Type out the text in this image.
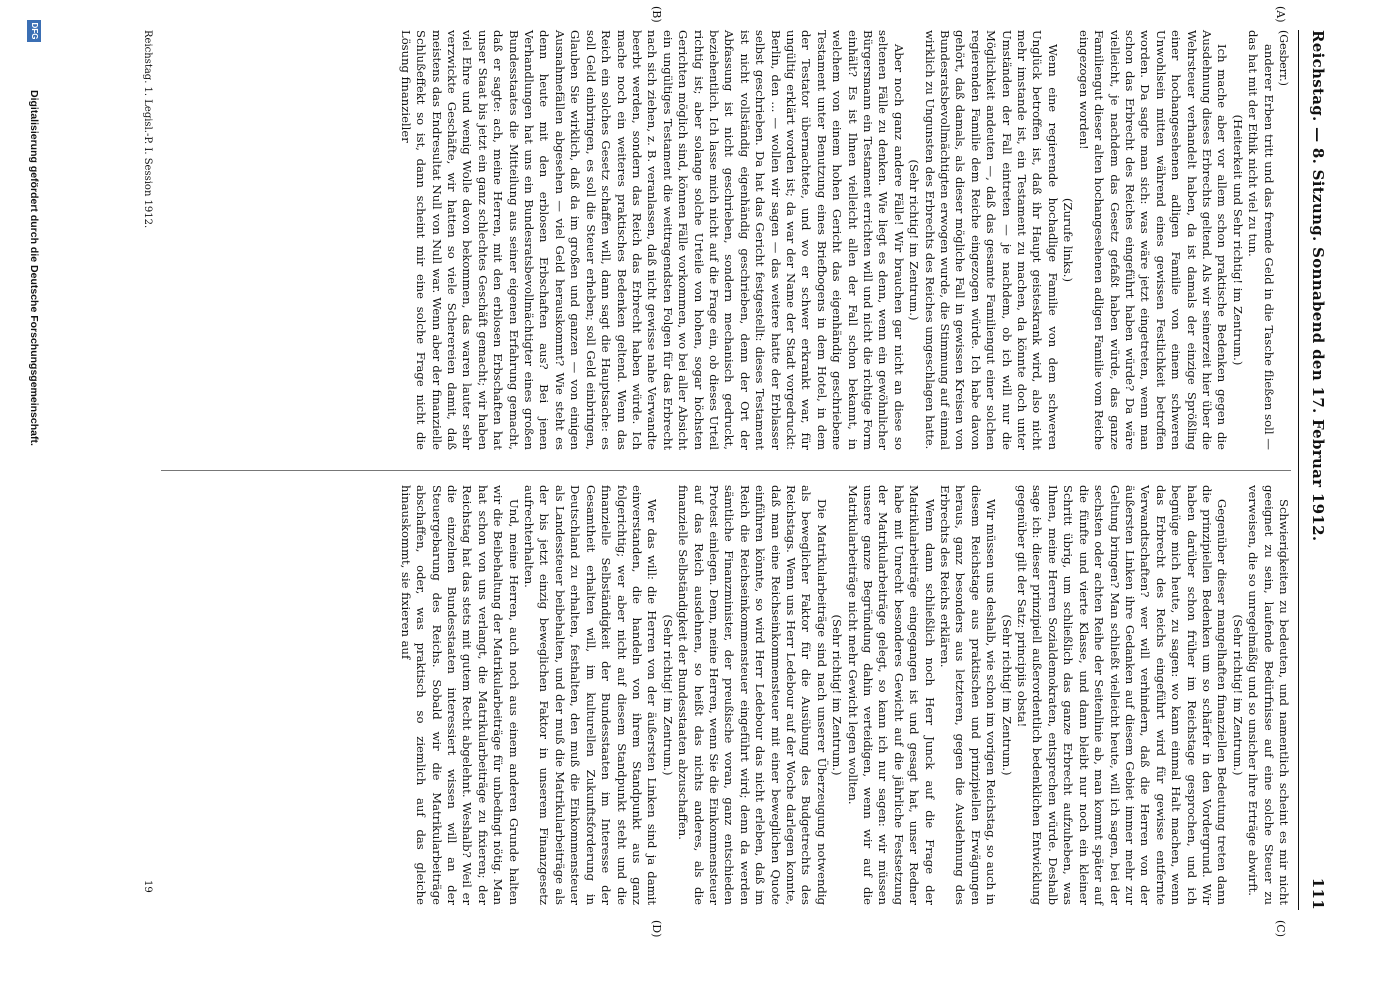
Reichstag. — 8. Sitzung. Sonnabend den 17. Februar 1912.
111
(A)
(B)
(C)
(D)

(Gesberr.)

anderer Erben tritt und das fremde Geld in die Tasche fließen soll — das hat mit der Ethik nicht viel zu tun.

(Heiterkeit und Sehr richtig! im Zentrum.)

Ich mache aber vor allem schon praktische Bedenken gegen die Ausdehnung dieses Erbrechts geltend. Als wir seinerzeit hier über die Wehrsteuer verhandelt haben, da ist damals der einzige Sprößling einer hochangesehenen adligen Familie von einem schweren Unwohlsein mitten während eines gewissen Festlichkeit betroffen worden. Da sagte man sich: was wäre jetzt eingetreten, wenn man schon das Erbrecht des Reiches eingeführt haben würde? Da wäre vielleicht, je nachdem das Gesetz gefaßt haben würde, das ganze Familiengut dieser alten hochangesehenen adligen Familie vom Reiche eingezogen worden!

(Zurufe links.)

Wenn eine regierende hochadlige Familie von dem schweren Unglück betroffen ist, daß ihr Haupt geisteskrank wird, also nicht mehr imstande ist, ein Testament zu machen, da könnte doch unter Umständen der Fall eintreten — je nachdem, ob ich will nur die Möglichkeit andeuten —, daß das gesamte Familiengut einer solchen regierenden Familie dem Reiche eingezogen würde. Ich habe davon gehört, daß damals, als dieser mögliche Fall in gewissen Kreisen von Bundesratsbevollmächtigten erwogen wurde, die Stimmung auf einmal wirklich zu Ungunsten des Erbrechts des Reiches umgeschlagen hatte.

(Sehr richtig! im Zentrum.)

Aber noch ganz andere Fälle! Wir brauchen gar nicht an diese so seltenen Fälle zu denken. Wie liegt es denn, wenn ein gewöhnlicher Bürgersmann ein Testament errichten will und nicht die richtige Form einhält? Es ist Ihnen vielleicht allen der Fall schon bekannt, in welchem von einem hohen Gericht das eigenhändig geschriebene Testament unter Benutzung eines Briefbogens in dem Hotel, in dem der Testator übernachtete, und wo er schwer erkrankt war, für ungültig erklärt worden ist; da war der Name der Stadt vorgedruckt: Berlin, den ... — wollen wir sagen — das weitere hatte der Erblasser selbst geschrieben. Da hat das Gericht festgestellt: dieses Testament ist nicht vollständig eigenhändig geschrieben, denn der Ort der Abfassung ist nicht geschrieben, sondern mechanisch gedruckt, beziehentlich. Ich lasse mich nicht auf die Frage ein, ob dieses Urteil richtig ist; aber solange solche Urteile von hohen, sogar höchsten Gerichten möglich sind, können Fälle vorkommen, wo bei aller Absicht ein ungültiges Testament die weittragendsten Folgen für das Erbrecht nach sich ziehen, z. B. veranlassen, daß nicht gewisse nahe Verwandte beerbt werden, sondern das Reich das Erbrecht haben würde. Ich mache noch ein weiteres praktisches Bedenken geltend. Wenn das Reich ein solches Gesetz schaffen will, dann sagt die Hauptsache: es soll Geld einbringen, es soll die Steuer erheben; soll Geld einbringen, Glauben Sie wirklich, daß da im großen und ganzen — von einigen Ausnahmefällen abgesehen — viel Geld herauskommt? Wie steht es denn heute mit den erblosen Erbschaften aus? Bei jenen Verhandlungen hat uns ein Bundesratsbevollmächtigter eines großen Bundesstaates die Mitteilung aus seiner eigenen Erfahrung gemacht, daß er sagte: ach, meine Herren, mit den erblosen Erbschaften hat unser Staat bis jetzt ein ganz schlechtes Geschäft gemacht; wir haben viel Ehre und wenig Wolle davon bekommen, das waren lauter sehr verzwickte Geschäfte, wir hatten so viele Scherereien damit, daß meistens das Endresultat Null von Null war. Wenn aber der finanzielle Schlußeffekt so ist, dann scheint mir eine solche Frage nicht die Lösung finanzieller

Schwierigkeiten zu bedeuten, und namentlich scheint es mir nicht geeignet zu sein, laufende Bedürfnisse auf eine solche Steuer zu verweisen, die so unregelmäßig und so unsicher ihre Erträge abwirft.

(Sehr richtig! im Zentrum.)

Gegenüber dieser mangelhaften finanziellen Bedeutung treten dann die prinzipiellen Bedenken um so schärfer in den Vordergrund. Wir haben darüber schon früher im Reichstage gesprochen, und ich begnüge mich heute, zu sagen: wo kann einmal Halt machen, wenn das Erbrecht des Reichs eingeführt wird für gewisse entfernte Verwandtschaften? wer will verhindern, daß die Herren von der äußersten Linken ihre Gedanken auf diesem Gebiet immer mehr zur Geltung bringen? Man schließt vielleicht heute, will ich sagen, bei der sechsten oder achten Reihe der Seitenlinie ab, man kommt später auf die fünfte und vierte Klasse, und dann bleibt nur noch ein kleiner Schritt übrig, um schließlich das ganze Erbrecht aufzuheben, was Ihnen, meine Herren Sozialdemokraten, entsprechen würde. Deshalb sage ich: dieser prinzipiell außerordentlich bedenklichen Entwicklung gegenüber gilt der Satz: principiis obsta!

(Sehr richtig! im Zentrum.)

Wir müssen uns deshalb, wie schon im vorigen Reichstag, so auch in diesem Reichstage aus praktischen und prinzipiellen Erwägungen heraus, ganz besonders aus letzteren, gegen die Ausdehnung des Erbrechts des Reichs erklären.

Wenn dann schließlich noch Herr Junck auf die Frage der Matrikularbeiträge eingegangen ist und gesagt hat, unser Redner habe mit Unrecht besonderes Gewicht auf die jährliche Festsetzung der Matrikularbeiträge gelegt, so kann ich nur sagen: wir müssen unsere ganze Begründung dahin verteidigen, wenn wir auf die Matrikularbeiträge nicht mehr Gewicht legen wollten.

(Sehr richtig! im Zentrum.)

Die Matrikularbeiträge sind nach unserer Überzeugung notwendig als beweglicher Faktor für die Ausübung des Budgetrechts des Reichstags. Wenn uns Herr Ledebour auf der Woche darlegen konnte, daß man eine Reichseinkommensteuer mit einer beweglichen Quote einführen könnte, so wird Herr Ledebour das nicht erleben, daß im Reich die Reichseinkommensteuer eingeführt wird; denn da werden sämtliche Finanzminister, der preußische voran, ganz entschieden Protest einlegen. Denn, meine Herren, wenn Sie die Einkommensteuer auf das Reich ausdehnen, so heißt das nichts anderes, als die finanzielle Selbständigkeit der Bundesstaaten abzuschaffen.

(Sehr richtig! im Zentrum.)

Wer das will: die Herren von der äußersten Linken sind ja damit einverstanden, die handeln von ihrem Standpunkt aus ganz folgerichtig; wer aber nicht auf diesem Standpunkt steht und die finanzielle Selbständigkeit der Bundesstaaten im Interesse der Gesamtheit erhalten will, im kulturellen Zukunftsforderung in Deutschland zu erhalten, festhalten, den muß die Einkommensteuer als Landessteuer beibehalten, und der muß die Matrikularbeiträge als der bis jetzt einzig beweglichen Faktor in unserem Finanzgesetz aufrechterhalten.

Und, meine Herren, auch noch aus einem anderen Grunde halten wir die Beibehaltung der Matrikularbeiträge für unbedingt nötig. Man hat schon von uns verlangt, die Matrikularbeiträge zu fixieren; der Reichstag hat das stets mit gutem Recht abgelehnt. Weshalb? Weil er die einzelnen Bundesstaaten interessiert wissen will an der Steuergebarung des Reichs. Sobald wir die Matrikularbeiträge abschaffen, oder, was praktisch so ziemlich auf das gleiche hinauskommt, sie fixieren auf

Reichstag. 1. Legisl.-P. I. Session 1912.
19
DFG
Digitalisierung gefördert durch die Deutsche Forschungsgemeinschaft.
